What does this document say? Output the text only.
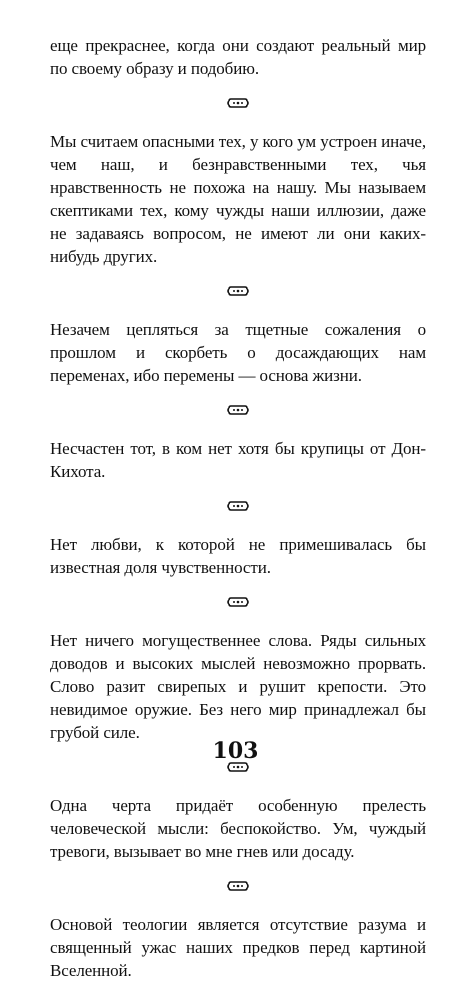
еще прекраснее, когда они создают реальный мир по своему образу и подобию.

Мы считаем опасными тех, у кого ум устроен иначе, чем наш, и безнравственными тех, чья нравственность не похожа на нашу. Мы называем скептиками тех, кому чужды наши иллюзии, даже не задаваясь вопросом, не имеют ли они каких-нибудь других.

Незачем цепляться за тщетные сожаления о прошлом и скорбеть о досаждающих нам переменах, ибо перемены — основа жизни.

Несчастен тот, в ком нет хотя бы крупицы от Дон-Кихота.

Нет любви, к которой не примешивалась бы известная доля чувственности.

Нет ничего могущественнее слова. Ряды сильных доводов и высоких мыслей невозможно прорвать. Слово разит свирепых и рушит крепости. Это невидимое оружие. Без него мир принадлежал бы грубой силе.

Одна черта придаёт особенную прелесть человеческой мысли: беспокойство. Ум, чуждый тревоги, вызывает во мне гнев или досаду.

Основой теологии является отсутствие разума и священный ужас наших предков перед картиной Вселенной.

103
